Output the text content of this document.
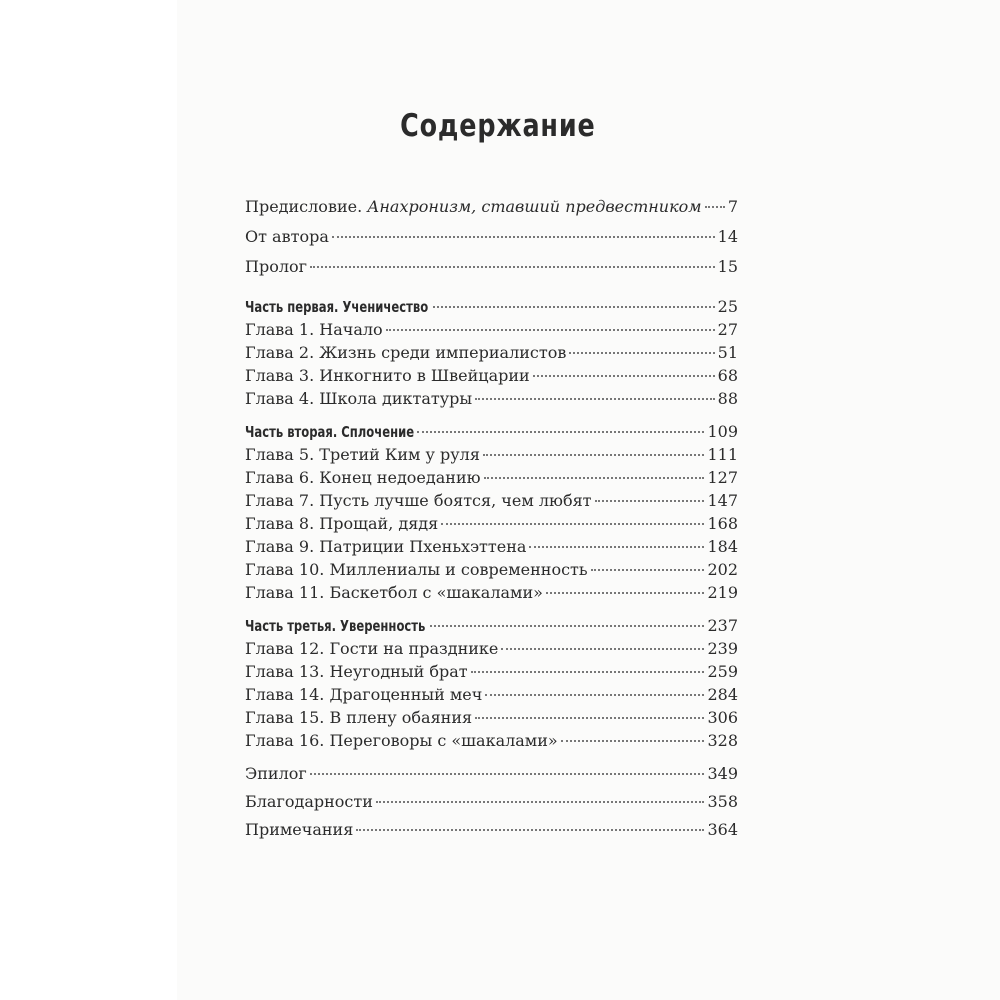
Содержание
Предисловие. Анахронизм, ставший предвестником 7
От автора	14
Пролог	15
Часть первая. Ученичество	25
Глава 1. Начало	27
Глава 2. Жизнь среди империалистов	51
Глава 3. Инкогнито в Швейцарии	68
Глава 4. Школа диктатуры	88
Часть вторая. Сплочение	109
Глава 5. Третий Ким у руля	111
Глава 6. Конец недоеданию	127
Глава 7. Пусть лучше боятся, чем любят	147
Глава 8. Прощай, дядя	168
Глава 9. Патриции Пхеньхэттена	184
Глава 10. Миллениалы и современность	202
Глава 11. Баскетбол с «шакалами»	219
Часть третья. Уверенность	237
Глава 12. Гости на празднике	239
Глава 13. Неугодный брат	259
Глава 14. Драгоценный меч	284
Глава 15. В плену обаяния	306
Глава 16. Переговоры с «шакалами»	328
Эпилог	349
Благодарности	358
Примечания	364
